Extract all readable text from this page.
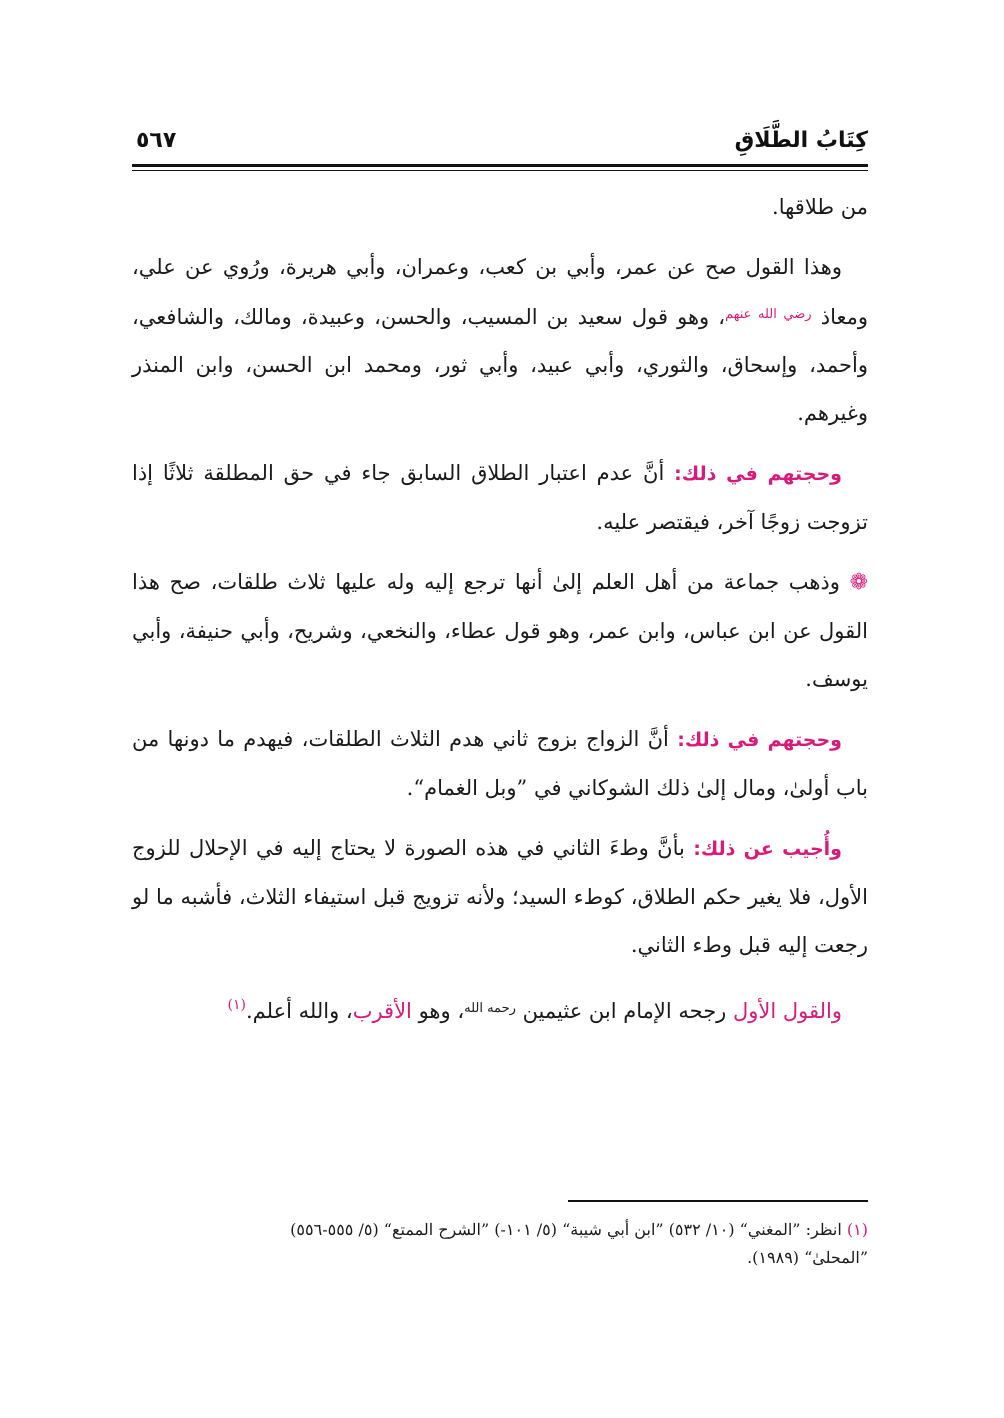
كِتَابُ الطَّلَاقِ
٥٦٧

من طلاقها.

وهذا القول صح عن عمر، وأبي بن كعب، وعمران، وأبي هريرة، ورُوي عن علي، ومعاذ $^{رضي الله عنهم}$، وهو قول سعيد بن المسيب، والحسن، وعبيدة، ومالك، والشافعي، وأحمد، وإسحاق، والثوري، وأبي عبيد، وأبي ثور، ومحمد ابن الحسن، وابن المنذر وغيرهم.

وحجتهم في ذلك: أنَّ عدم اعتبار الطلاق السابق جاء في حق المطلقة ثلاثًا إذا تزوجت زوجًا آخر، فيقتصر عليه.

❁ وذهب جماعة من أهل العلم إلىٰ أنها ترجع إليه وله عليها ثلاث طلقات، صح هذا القول عن ابن عباس، وابن عمر، وهو قول عطاء، والنخعي، وشريح، وأبي حنيفة، وأبي يوسف.

وحجتهم في ذلك: أنَّ الزواج بزوج ثاني هدم الثلاث الطلقات، فيهدم ما دونها من باب أولىٰ، ومال إلىٰ ذلك الشوكاني في ”وبل الغمام“.

وأُجيب عن ذلك: بأنَّ وطءَ الثاني في هذه الصورة لا يحتاج إليه في الإحلال للزوج الأول، فلا يغير حكم الطلاق، كوطء السيد؛ ولأنه تزويج قبل استيفاء الثلاث، فأشبه ما لو رجعت إليه قبل وطء الثاني.

والقول الأول رجحه الإمام ابن عثيمين $^{رحمه الله}$، وهو الأقرب، والله أعلم.$^{(١)}$

(١) انظر: ”المغني“ (١٠/ ٥٣٢) ”ابن أبي شيبة“ (٥/ ١٠١-) ”الشرح الممتع“ (٥/ ٥٥٥-٥٥٦)
”المحلىٰ“ (١٩٨٩).
